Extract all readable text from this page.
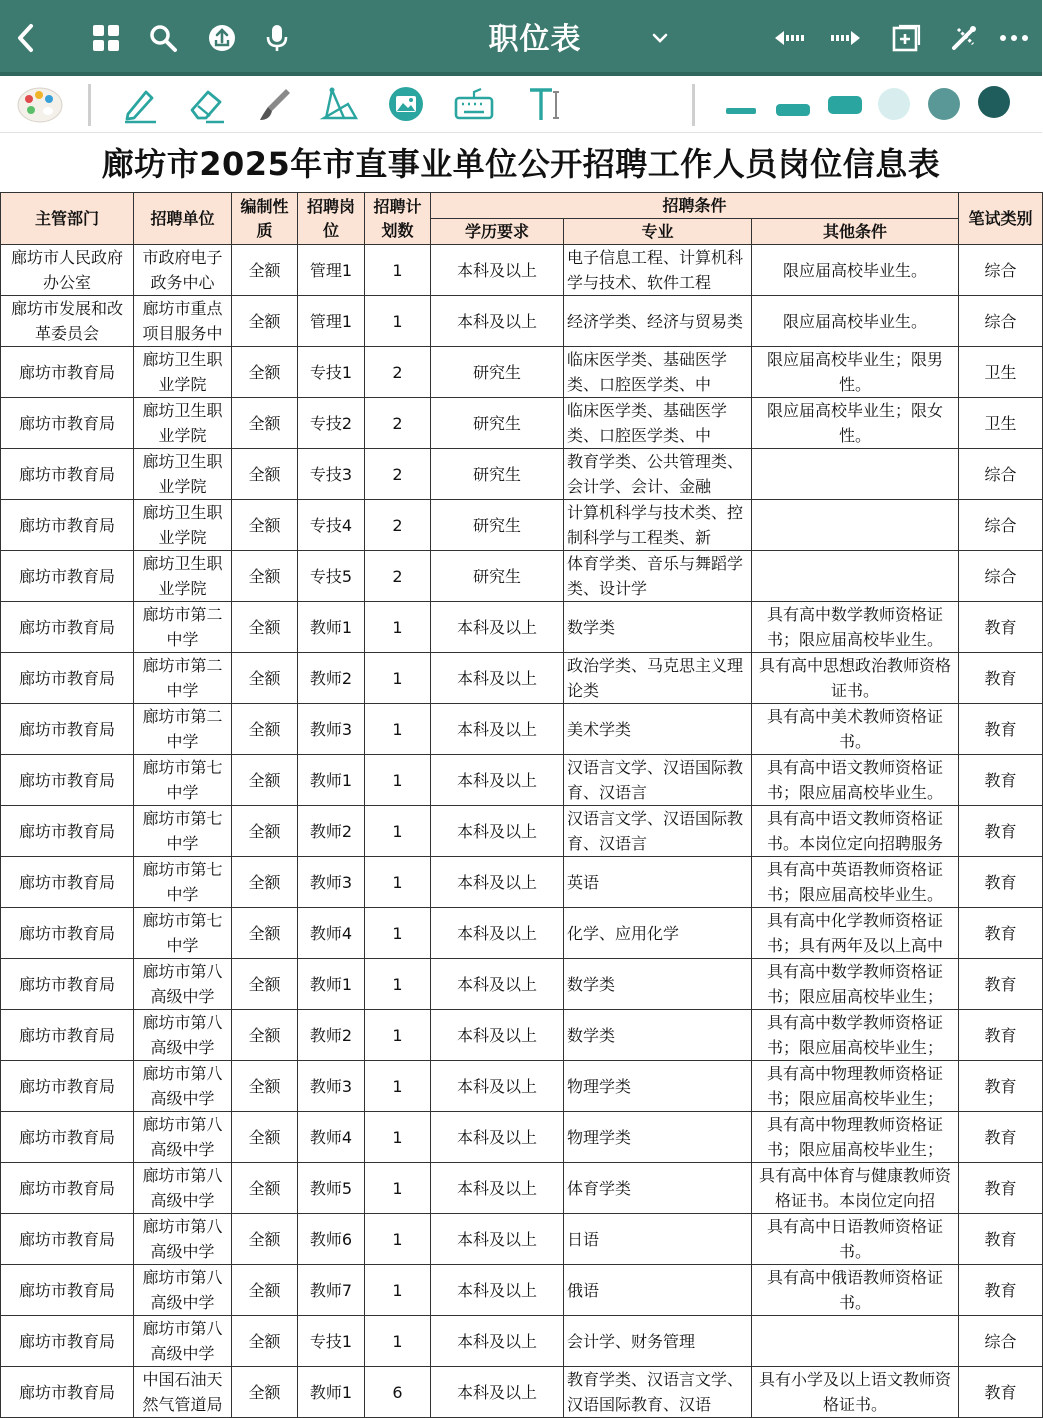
职位表
廊坊市2025年市直事业单位公开招聘工作人员岗位信息表
主管部门	招聘单位	编制性质	招聘岗位	招聘计划数	招聘条件			笔试类别
					学历要求	专业	其他条件	

廊坊市人民政府办公室	市政府电子政务中心	全额	管理1	1	本科及以上	电子信息工程、计算机科学与技术、软件工程	限应届高校毕业生。	综合

廊坊市发展和改革委员会	廊坊市重点项目服务中	全额	管理1	1	本科及以上	经济学类、经济与贸易类	限应届高校毕业生。	综合

廊坊市教育局	廊坊卫生职业学院	全额	专技1	2	研究生	临床医学类、基础医学类、口腔医学类、中	限应届高校毕业生；限男性。	卫生

廊坊市教育局	廊坊卫生职业学院	全额	专技2	2	研究生	临床医学类、基础医学类、口腔医学类、中	限应届高校毕业生；限女性。	卫生

廊坊市教育局	廊坊卫生职业学院	全额	专技3	2	研究生	教育学类、公共管理类、会计学、会计、金融		综合

廊坊市教育局	廊坊卫生职业学院	全额	专技4	2	研究生	计算机科学与技术类、控制科学与工程类、新		综合

廊坊市教育局	廊坊卫生职业学院	全额	专技5	2	研究生	体育学类、音乐与舞蹈学类、设计学		综合

廊坊市教育局	廊坊市第二中学	全额	教师1	1	本科及以上	数学类	具有高中数学教师资格证书；限应届高校毕业生。	教育

廊坊市教育局	廊坊市第二中学	全额	教师2	1	本科及以上	政治学类、马克思主义理论类	具有高中思想政治教师资格证书。	教育

廊坊市教育局	廊坊市第二中学	全额	教师3	1	本科及以上	美术学类	具有高中美术教师资格证书。	教育

廊坊市教育局	廊坊市第七中学	全额	教师1	1	本科及以上	汉语言文学、汉语国际教育、汉语言	具有高中语文教师资格证书；限应届高校毕业生。	教育

廊坊市教育局	廊坊市第七中学	全额	教师2	1	本科及以上	汉语言文学、汉语国际教育、汉语言	具有高中语文教师资格证书。本岗位定向招聘服务	教育

廊坊市教育局	廊坊市第七中学	全额	教师3	1	本科及以上	英语	具有高中英语教师资格证书；限应届高校毕业生。	教育

廊坊市教育局	廊坊市第七中学	全额	教师4	1	本科及以上	化学、应用化学	具有高中化学教师资格证书；具有两年及以上高中	教育

廊坊市教育局	廊坊市第八高级中学	全额	教师1	1	本科及以上	数学类	具有高中数学教师资格证书；限应届高校毕业生；	教育

廊坊市教育局	廊坊市第八高级中学	全额	教师2	1	本科及以上	数学类	具有高中数学教师资格证书；限应届高校毕业生；	教育

廊坊市教育局	廊坊市第八高级中学	全额	教师3	1	本科及以上	物理学类	具有高中物理教师资格证书；限应届高校毕业生；	教育

廊坊市教育局	廊坊市第八高级中学	全额	教师4	1	本科及以上	物理学类	具有高中物理教师资格证书；限应届高校毕业生；	教育

廊坊市教育局	廊坊市第八高级中学	全额	教师5	1	本科及以上	体育学类	具有高中体育与健康教师资格证书。本岗位定向招	教育

廊坊市教育局	廊坊市第八高级中学	全额	教师6	1	本科及以上	日语	具有高中日语教师资格证书。	教育

廊坊市教育局	廊坊市第八高级中学	全额	教师7	1	本科及以上	俄语	具有高中俄语教师资格证书。	教育

廊坊市教育局	廊坊市第八高级中学	全额	专技1	1	本科及以上	会计学、财务管理		综合

廊坊市教育局	中国石油天然气管道局	全额	教师1	6	本科及以上	教育学类、汉语言文学、汉语国际教育、汉语	具有小学及以上语文教师资格证书。	教育
